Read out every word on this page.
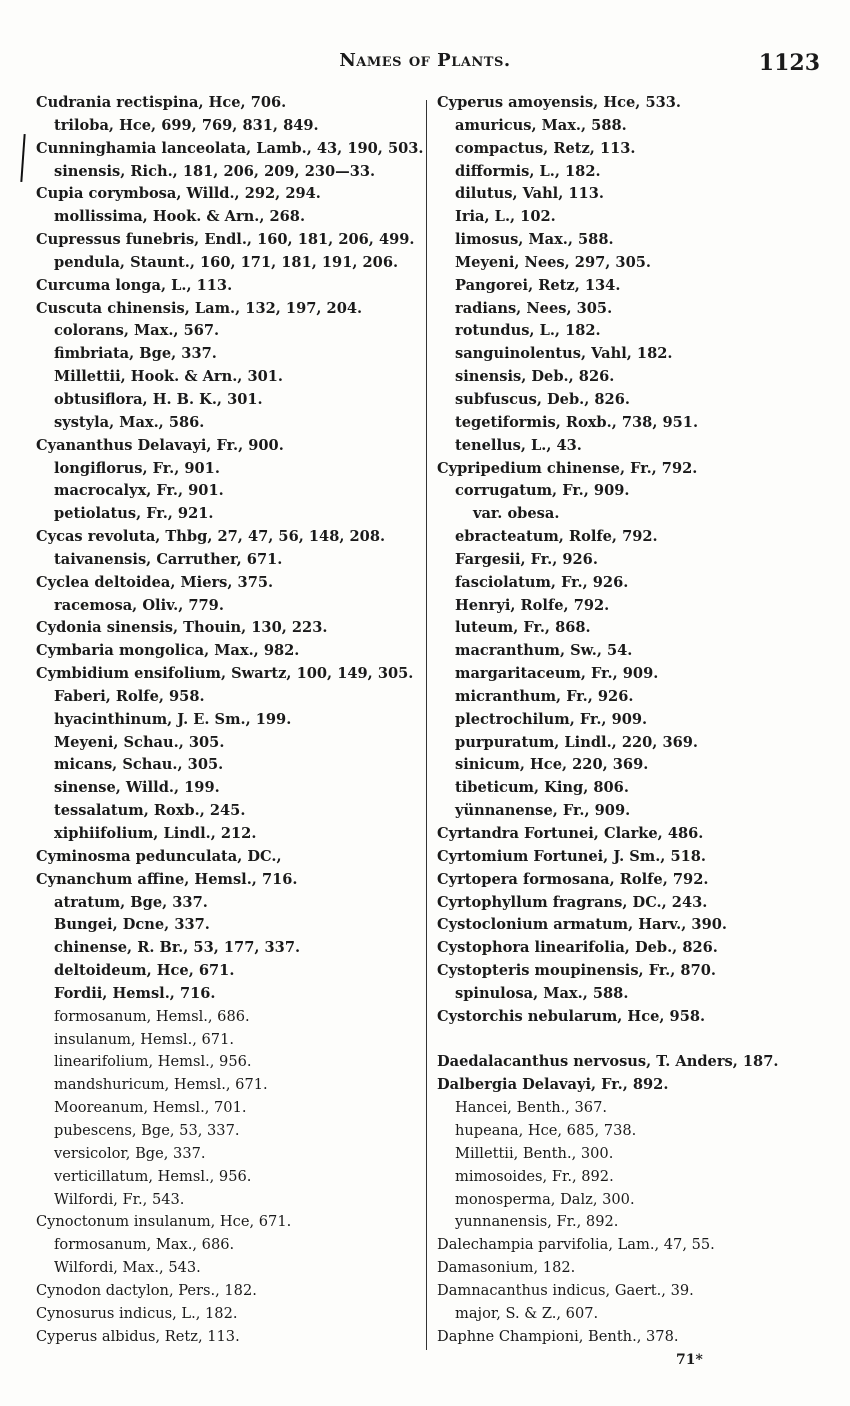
Names of Plants.	1123
Cudrania rectispina, Hce, 706.
triloba, Hce, 699, 769, 831, 849.
Cunninghamia lanceolata, Lamb., 43, 190, 503.
sinensis, Rich., 181, 206, 209, 230—33.
Cupia corymbosa, Willd., 292, 294.
mollissima, Hook. & Arn., 268.
Cupressus funebris, Endl., 160, 181, 206, 499.
pendula, Staunt., 160, 171, 181, 191, 206.
Curcuma longa, L., 113.
Cuscuta chinensis, Lam., 132, 197, 204.
colorans, Max., 567.
fimbriata, Bge, 337.
Millettii, Hook. & Arn., 301.
obtusiflora, H. B. K., 301.
systyla, Max., 586.
Cyananthus Delavayi, Fr., 900.
longiflorus, Fr., 901.
macrocalyx, Fr., 901.
petiolatus, Fr., 921.
Cycas revoluta, Thbg, 27, 47, 56, 148, 208.
taivanensis, Carruther, 671.
Cyclea deltoidea, Miers, 375.
racemosa, Oliv., 779.
Cydonia sinensis, Thouin, 130, 223.
Cymbaria mongolica, Max., 982.
Cymbidium ensifolium, Swartz, 100, 149, 305.
Faberi, Rolfe, 958.
hyacinthinum, J. E. Sm., 199.
Meyeni, Schau., 305.
micans, Schau., 305.
sinense, Willd., 199.
tessalatum, Roxb., 245.
xiphiifolium, Lindl., 212.
Cyminosma pedunculata, DC.,
Cynanchum affine, Hemsl., 716.
atratum, Bge, 337.
Bungei, Dcne, 337.
chinense, R. Br., 53, 177, 337.
deltoideum, Hce, 671.
Fordii, Hemsl., 716.
formosanum, Hemsl., 686.
insulanum, Hemsl., 671.
linearifolium, Hemsl., 956.
mandshuricum, Hemsl., 671.
Mooreanum, Hemsl., 701.
pubescens, Bge, 53, 337.
versicolor, Bge, 337.
verticillatum, Hemsl., 956.
Wilfordi, Fr., 543.
Cynoctonum insulanum, Hce, 671.
formosanum, Max., 686.
Wilfordi, Max., 543.
Cynodon dactylon, Pers., 182.
Cynosurus indicus, L., 182.
Cyperus albidus, Retz, 113.
Cyperus amoyensis, Hce, 533.
amuricus, Max., 588.
compactus, Retz, 113.
difformis, L., 182.
dilutus, Vahl, 113.
Iria, L., 102.
limosus, Max., 588.
Meyeni, Nees, 297, 305.
Pangorei, Retz, 134.
radians, Nees, 305.
rotundus, L., 182.
sanguinolentus, Vahl, 182.
sinensis, Deb., 826.
subfuscus, Deb., 826.
tegetiformis, Roxb., 738, 951.
tenellus, L., 43.
Cypripedium chinense, Fr., 792.
corrugatum, Fr., 909.
var. obesa.
ebracteatum, Rolfe, 792.
Fargesii, Fr., 926.
fasciolatum, Fr., 926.
Henryi, Rolfe, 792.
luteum, Fr., 868.
macranthum, Sw., 54.
margaritaceum, Fr., 909.
micranthum, Fr., 926.
plectrochilum, Fr., 909.
purpuratum, Lindl., 220, 369.
sinicum, Hce, 220, 369.
tibeticum, King, 806.
yünnanense, Fr., 909.
Cyrtandra Fortunei, Clarke, 486.
Cyrtomium Fortunei, J. Sm., 518.
Cyrtopera formosana, Rolfe, 792.
Cyrtophyllum fragrans, DC., 243.
Cystoclonium armatum, Harv., 390.
Cystophora linearifolia, Deb., 826.
Cystopteris moupinensis, Fr., 870.
spinulosa, Max., 588.
Cystorchis nebularum, Hce, 958.
Daedalacanthus nervosus, T. Anders, 187.
Dalbergia Delavayi, Fr., 892.
Hancei, Benth., 367.
hupeana, Hce, 685, 738.
Millettii, Benth., 300.
mimosoides, Fr., 892.
monosperma, Dalz, 300.
yunnanensis, Fr., 892.
Dalechampia parvifolia, Lam., 47, 55.
Damasonium, 182.
Damnacanthus indicus, Gaert., 39.
major, S. & Z., 607.
Daphne Championi, Benth., 378.
71*
